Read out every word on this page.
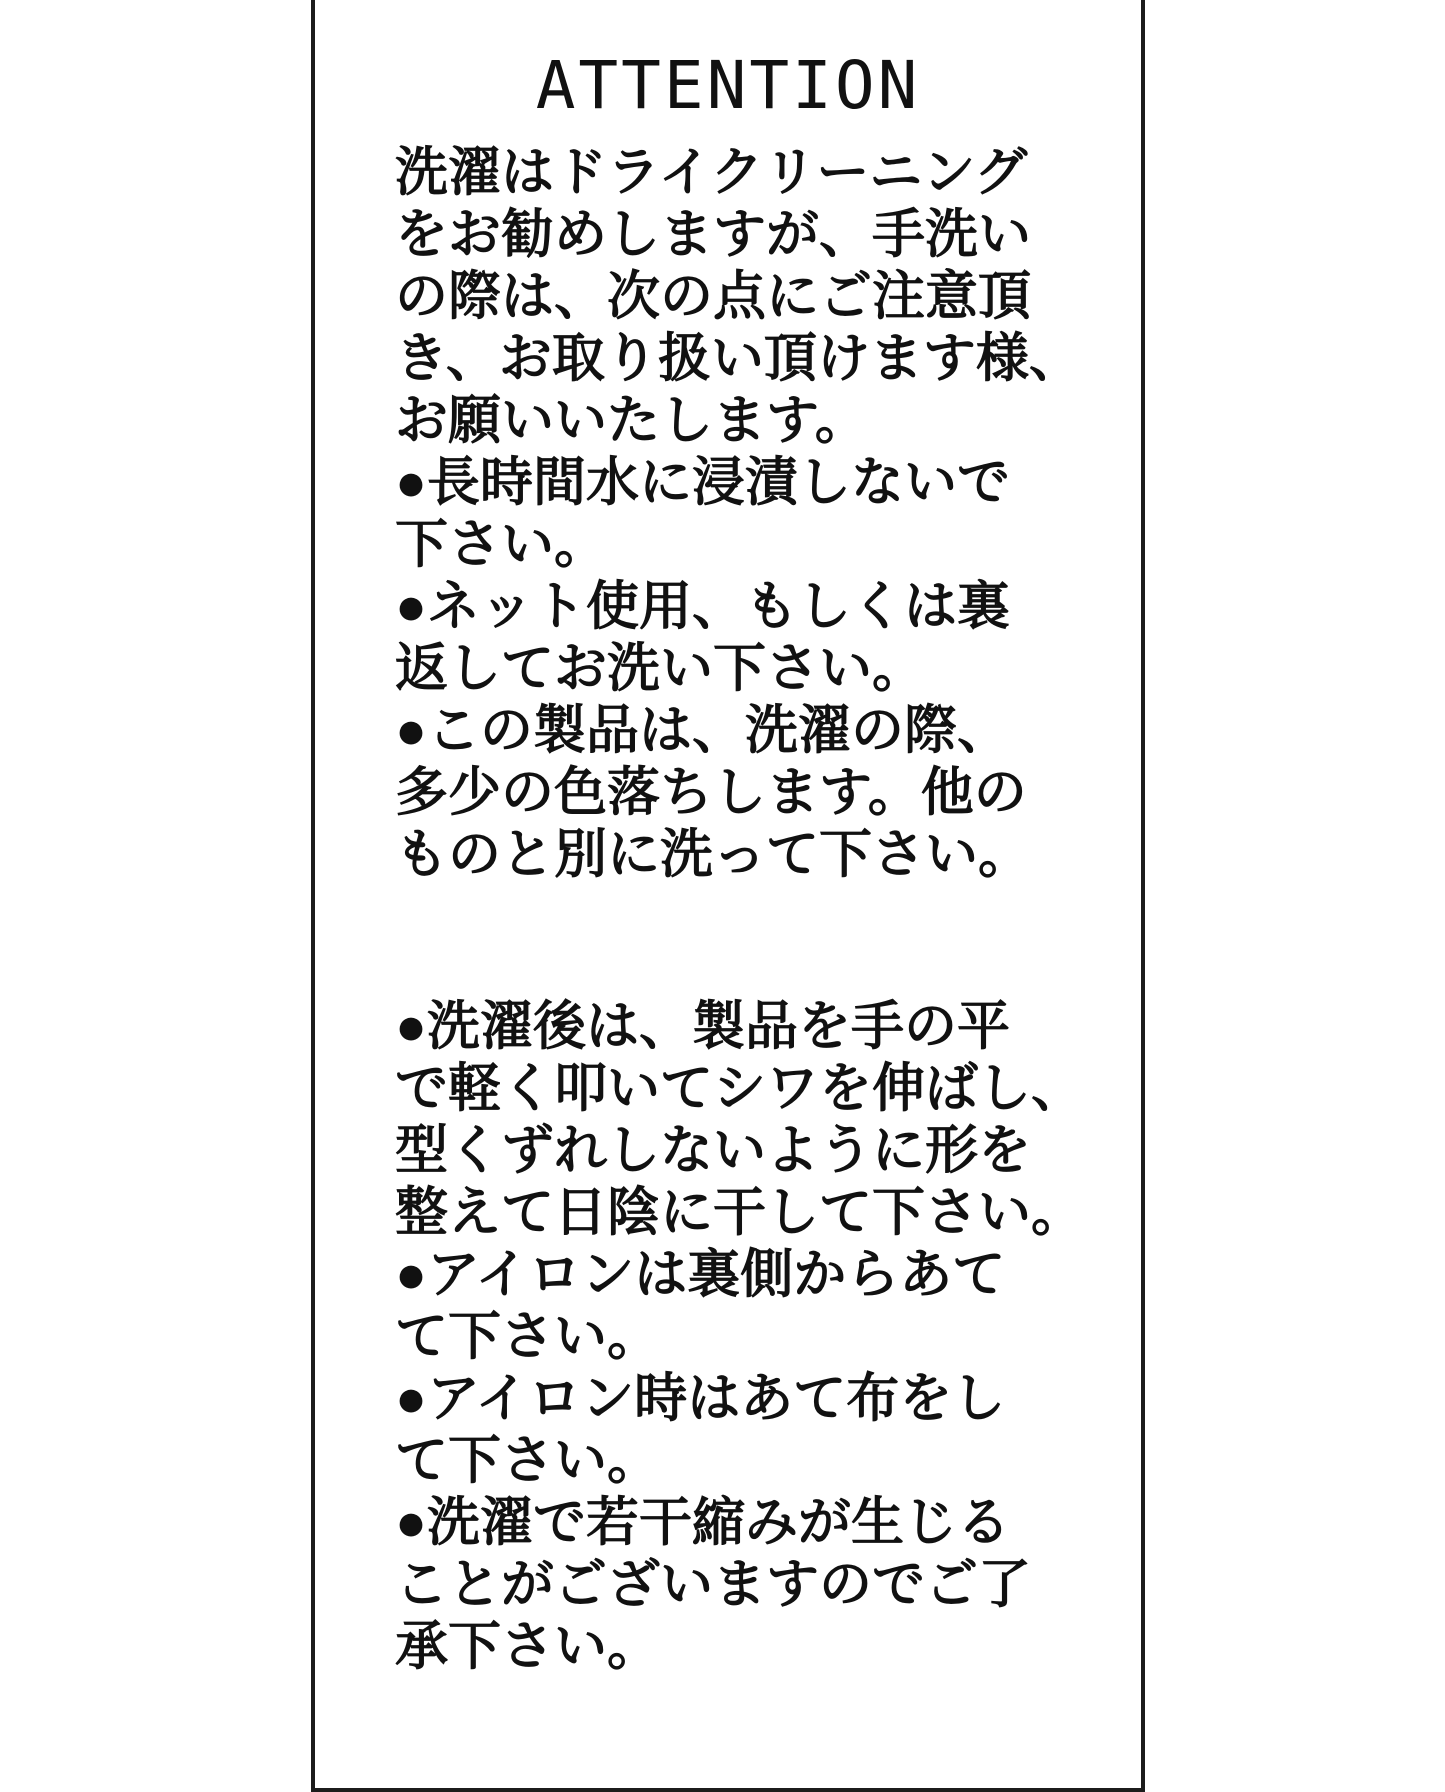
ATTENTION
洗濯はドライクリーニング
をお勧めしますが、手洗い
の際は、次の点にご注意頂
き、お取り扱い頂けます様、
お願いいたします。
●長時間水に浸漬しないで
下さい。
●ネット使用、もしくは裏
返してお洗い下さい。
●この製品は、洗濯の際、
多少の色落ちします。他の
ものと別に洗って下さい。
●洗濯後は、製品を手の平
で軽く叩いてシワを伸ばし、
型くずれしないように形を
整えて日陰に干して下さい。
●アイロンは裏側からあて
て下さい。
●アイロン時はあて布をし
て下さい。
●洗濯で若干縮みが生じる
ことがございますのでご了
承下さい。
